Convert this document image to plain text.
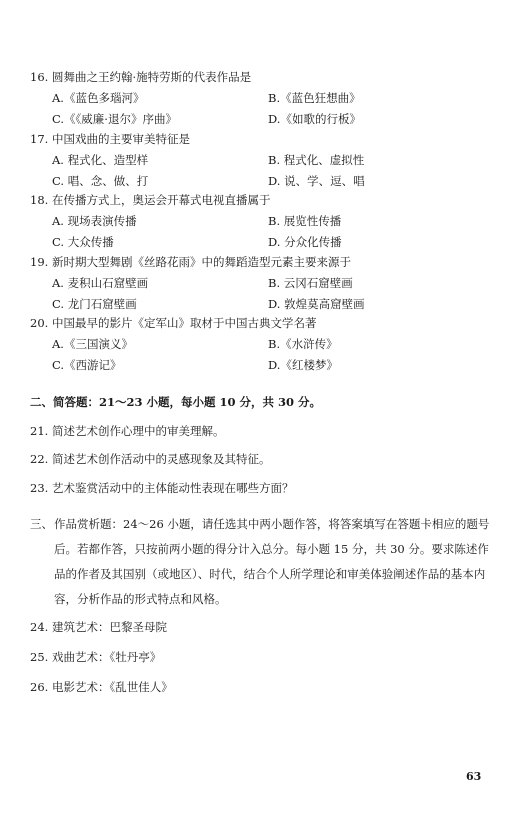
16. 圆舞曲之王约翰·施特劳斯的代表作品是
A.《蓝色多瑙河》	B.《蓝色狂想曲》
C.《《威廉·退尔》序曲》	D.《如歌的行板》
17. 中国戏曲的主要审美特征是
A. 程式化、造型样	B. 程式化、虚拟性
C. 唱、念、做、打	D. 说、学、逗、唱
18. 在传播方式上，奥运会开幕式电视直播属于
A. 现场表演传播	B. 展览性传播
C. 大众传播	D. 分众化传播
19. 新时期大型舞剧《丝路花雨》中的舞蹈造型元素主要来源于
A. 麦积山石窟壁画	B. 云冈石窟壁画
C. 龙门石窟壁画	D. 敦煌莫高窟壁画
20. 中国最早的影片《定军山》取材于中国古典文学名著
A.《三国演义》	B.《水浒传》
C.《西游记》	D.《红楼梦》
二、简答题：21～23 小题，每小题 10 分，共 30 分。
21. 简述艺术创作心理中的审美理解。
22. 简述艺术创作活动中的灵感现象及其特征。
23. 艺术鉴赏活动中的主体能动性表现在哪些方面？
三、 作品赏析题：24～26 小题，请任选其中两小题作答，将答案填写在答题卡相应的题号后。若都作答，只按前两小题的得分计入总分。每小题 15 分，共 30 分。要求陈述作品的作者及其国别（或地区）、时代，结合个人所学理论和审美体验阐述作品的基本内容，分析作品的形式特点和风格。
24. 建筑艺术：巴黎圣母院
25. 戏曲艺术：《牡丹亭》
26. 电影艺术：《乱世佳人》
63
